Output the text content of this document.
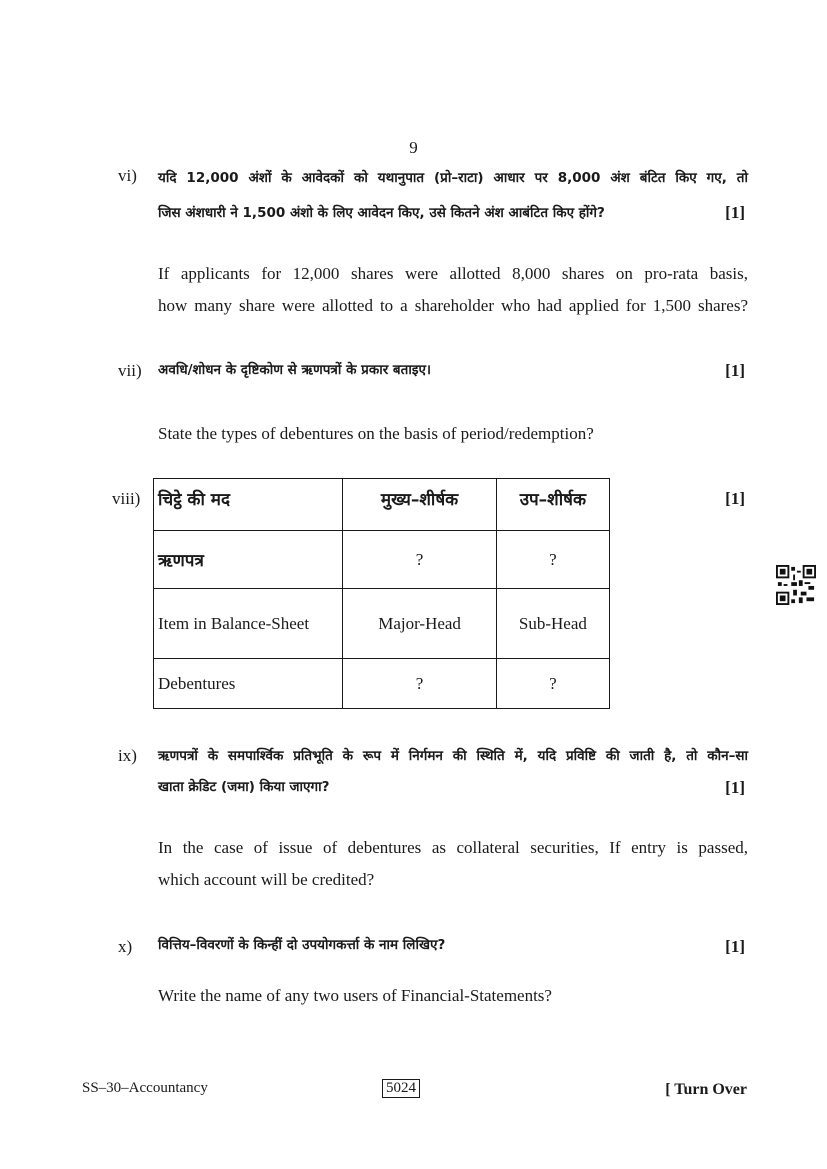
9
vi) यदि 12,000 अंशों के आवेदकों को यथानुपात (प्रो–राटा) आधार पर 8,000 अंश बंटित किए गए, तो
जिस अंशधारी ने 1,500 अंशो के लिए आवेदन किए, उसे कितने अंश आबंटित किए होंगे?	[1]
If applicants for 12,000 shares were allotted 8,000 shares on pro-rata basis,
how many share were allotted to a shareholder who had applied for 1,500 shares?
vii) अवधि/शोधन के दृष्टिकोण से ऋणपत्रों के प्रकार बताइए।	[1]
State the types of debentures on the basis of period/redemption?
viii)	[1]
चिट्ठे की मद	मुख्य–शीर्षक	उप–शीर्षक
ऋणपत्र	?	?
Item in Balance-Sheet	Major-Head	Sub-Head
Debentures	?	?
ix) ऋणपत्रों के समपार्श्विक प्रतिभूति के रूप में निर्गमन की स्थिति में, यदि प्रविष्टि की जाती है, तो कौन–सा
खाता क्रेडिट (जमा) किया जाएगा?	[1]
In the case of issue of debentures as collateral securities, If entry is passed,
which account will be credited?
x) वित्तिय–विवरणों के किन्हीं दो उपयोगकर्त्ता के नाम लिखिए?	[1]
Write the name of any two users of Financial-Statements?
SS–30–Accountancy	5024	[ Turn Over
